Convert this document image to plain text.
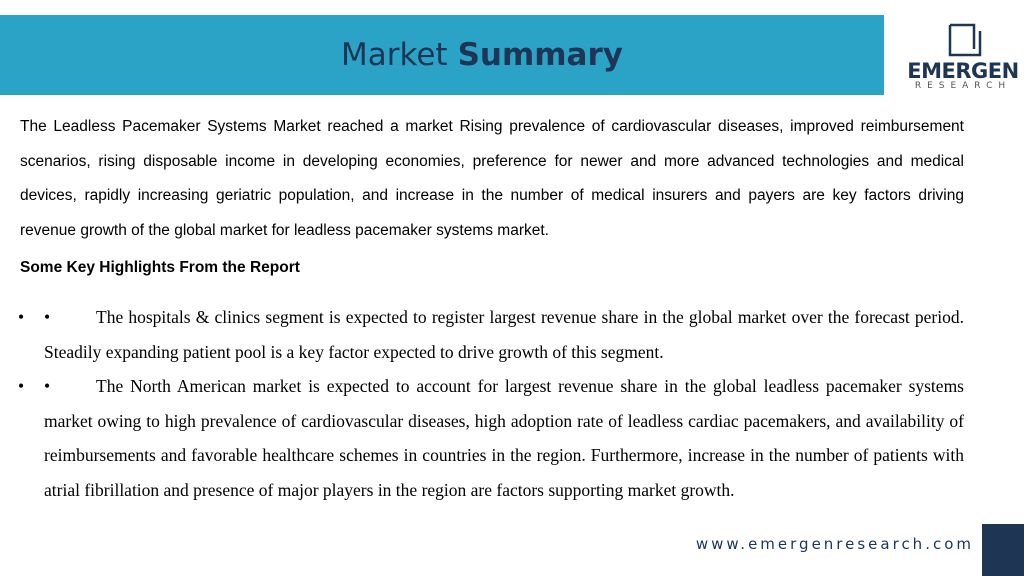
Market Summary	EMERGEN
RESEARCH

The Leadless Pacemaker Systems Market reached a market Rising prevalence of cardiovascular diseases, improved reimbursement scenarios, rising disposable income in developing economies, preference for newer and more advanced technologies and medical devices, rapidly increasing geriatric population, and increase in the number of medical insurers and payers are key factors driving revenue growth of the global market for leadless pacemaker systems market.

Some Key Highlights From the Report

• •	The hospitals & clinics segment is expected to register largest revenue share in the global market over the forecast period. Steadily expanding patient pool is a key factor expected to drive growth of this segment.
• •	The North American market is expected to account for largest revenue share in the global leadless pacemaker systems market owing to high prevalence of cardiovascular diseases, high adoption rate of leadless cardiac pacemakers, and availability of reimbursements and favorable healthcare schemes in countries in the region. Furthermore, increase in the number of patients with atrial fibrillation and presence of major players in the region are factors supporting market growth.
www.emergenresearch.com
